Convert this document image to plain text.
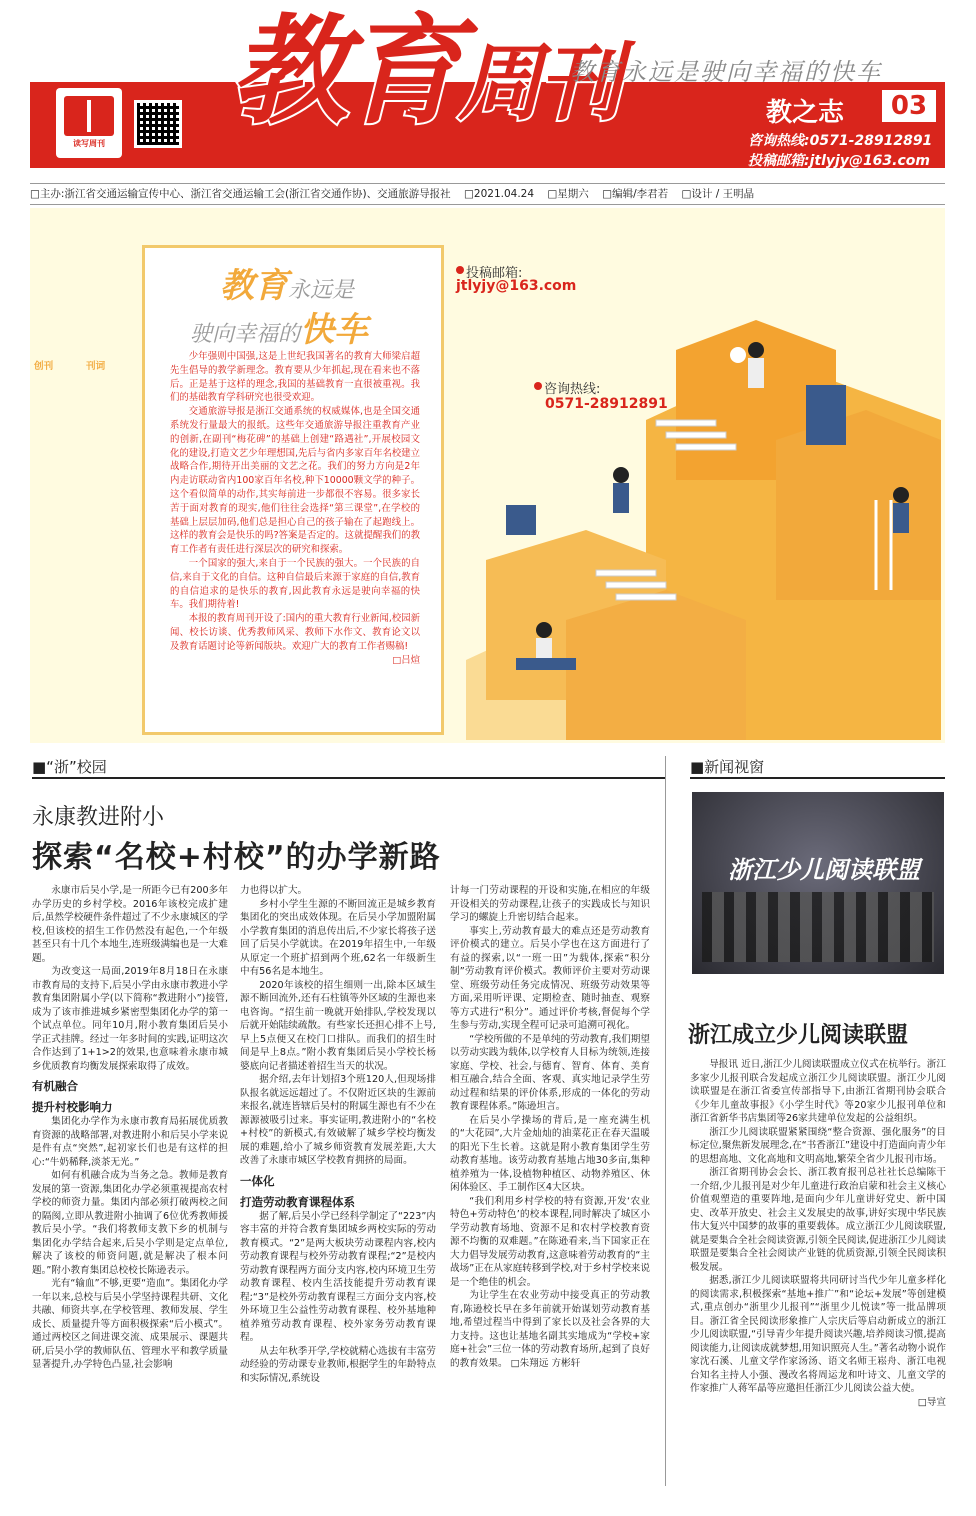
读写周刊
教育周刊
教育永远是驶向幸福的快车
教之志	03
咨询热线:0571-28912891
投稿邮箱:jtlyjy@163.com
□主办:浙江省交通运输宣传中心、浙江省交通运输工会(浙江省交通作协)、交通旅游导报社 □2021.04.24 □星期六 □编辑/李君若 □设计 / 王明晶
创刊	刊词
教育永远是
驶向幸福的快车

少年强则中国强,这是上世纪我国著名的教育大师梁启超先生倡导的教学新理念。教育要从少年抓起,现在看来也不落后。正是基于这样的理念,我国的基础教育一直很被重视。我们的基础教育学科研究也很受欢迎。

交通旅游导报是浙江交通系统的权威媒体,也是全国交通系统发行量最大的报纸。这些年交通旅游导报注重教育产业的创新,在副刊“梅花碑”的基础上创建“路遇社”,开展校园文化的建设,打造文艺少年理想国,先后与省内多家百年名校建立战略合作,期待开出美丽的文艺之花。我们的努力方向是2年内走访联动省内100家百年名校,种下10000颗文学的种子。这个看似简单的动作,其实每前进一步都很不容易。很多家长苦于面对教育的现实,他们往往会选择“第三课堂”,在学校的基础上层层加码,他们总是担心自己的孩子输在了起跑线上。这样的教育会是快乐的吗?答案是否定的。这就提醒我们的教育工作者有责任进行深层次的研究和探索。

一个国家的强大,来自于一个民族的强大。一个民族的自信,来自于文化的自信。这种自信最后来源于家庭的自信,教育的自信追求的是快乐的教育,因此教育永远是驶向幸福的快车。我们期待着!

本报的教育周刊开设了:国内的重大教育行业新闻,校园新闻、校长访谈、优秀教师风采、教师下水作文、教育论文以及教育话题讨论等新闻版块。欢迎广大的教育工作者赐稿!

□吕煊
投稿邮箱:
jtlyjy@163.com
咨询热线:
0571-28912891
■“浙”校园	■新闻视窗
永康教进附小
探索“名校+村校”的办学新路

永康市后吴小学,是一所距今已有200多年办学历史的乡村学校。2016年该校完成扩建后,虽然学校硬件条件超过了不少永康城区的学校,但该校的招生工作仍然没有起色,一个年级甚至只有十几个本地生,连班级满编也是一大难题。

为改变这一局面,2019年8月18日在永康市教育局的支持下,后吴小学由永康市教进小学教育集团附属小学(以下简称“教进附小”)接管,成为了该市推进城乡紧密型集团化办学的第一个试点单位。同年10月,附小教育集团后吴小学正式挂牌。经过一年多时间的实践,证明这次合作达到了1+1>2的效果,也意味着永康市城乡优质教育均衡发展探索取得了成效。

有机融合
提升村校影响力

集团化办学作为永康市教育局拓展优质教育资源的战略部署,对教进附小和后吴小学来说是件有点“突然”,起初家长们也是有这样的担心:“牛奶稀释,淡茶无光。”

如何有机融合成为当务之急。教师是教育发展的第一资源,集团化办学必须重视提高农村学校的师资力量。集团内部必须打破两校之间的隔阂,立即从教进附小抽调了6位优秀教师援教后吴小学。“我们将教师支教下乡的机制与集团化办学结合起来,后吴小学则是定点单位,解决了该校的师资问题,就是解决了根本问题。”附小教育集团总校校长陈逊表示。

光有“输血”不够,更要“造血”。集团化办学一年以来,总校与后吴小学坚持课程共研、文化共融、师资共享,在学校管理、教师发展、学生成长、质量提升等方面积极探索“后小模式”。通过两校区之间进课交流、成果展示、课题共研,后吴小学的教师队伍、管理水平和教学质量显著提升,办学特色凸显,社会影响

力也得以扩大。

乡村小学生生源的不断回流正是城乡教育集团化的突出成效体现。在后吴小学加盟附属小学教育集团的消息传出后,不少家长将孩子送回了后吴小学就读。在2019年招生中,一年级从原定一个班扩招到两个班,62名一年级新生中有56名是本地生。

2020年该校的招生细则一出,除本区域生源不断回流外,还有石柱镇等外区域的生源也来电咨询。“招生前一晚就开始排队,学校发现以后就开始陆续疏散。有些家长还担心排不上号,早上5点便又在校门口排队。而我们的招生时间是早上8点。”附小教育集团后吴小学校长杨婆底向记者描述着招生当天的状况。

据介绍,去年计划招3个班120人,但现场排队报名就远远超过了。不仅附近区块的生源前来报名,就连皆辖后吴村的附属生源也有不少在源源被吸引过来。事实证明,教进附小的“名校+村校”的新模式,有效破解了城乡学校均衡发展的难题,给小了城乡师资教育发展差距,大大改善了永康市城区学校教育拥挤的局面。

一体化
打造劳动教育课程体系

据了解,后吴小学已经科学制定了“223”内容丰富的并符合教育集团城乡两校实际的劳动教育模式。“2”是两大板块劳动课程内容,校内劳动教育课程与校外劳动教育课程;“2”是校内劳动教育课程两方面分支内容,校内环境卫生劳动教育课程、校内生活技能提升劳动教育课程;“3”是校外劳动教育课程三方面分支内容,校外环境卫生公益性劳动教育课程、校外基地种植养殖劳动教育课程、校外家务劳动教育课程。

从去年秋季开学,学校就精心选拔有丰富劳动经验的劳动课专业教师,根据学生的年龄特点和实际情况,系统设

计每一门劳动课程的开设和实施,在相应的年级开设相关的劳动课程,让孩子的实践成长与知识学习的螺旋上升密切结合起来。

事实上,劳动教育最大的难点还是劳动教育评价模式的建立。后吴小学也在这方面进行了有益的探索,以“一班一田”为载体,探索“积分制”劳动教育评价模式。教师评价主要对劳动课堂、班级劳动任务完成情况、班级劳动效果等方面,采用听评课、定期检查、随时抽查、观察等方式进行“积分”。通过评价考核,督促每个学生参与劳动,实现全程可记录可追溯可视化。

“学校所做的不是单纯的劳动教育,我们期望以劳动实践为载体,以学校育人目标为统领,连接家庭、学校、社会,与德育、智育、体育、美育相互融合,结合全面、客观、真实地记录学生劳动过程和结果的评价体系,形成的一体化的劳动教育课程体系。”陈逊坦言。

在后吴小学操场的背后,是一座充满生机的“大花园”,大片金灿灿的油菜花正在春天温暖的阳光下生长着。这就是附小教育集团学生劳动教育基地。该劳动教育基地占地30多亩,集种植养殖为一体,设植物种植区、动物养殖区、休闲体验区、手工制作区4大区块。

“我们利用乡村学校的特有资源,开发‘农业特色+劳动特色’的校本课程,同时解决了城区小学劳动教育场地、资源不足和农村学校教育资源不均衡的双难题。”在陈逊看来,当下国家正在大力倡导发展劳动教育,这意味着劳动教育的“主战场”正在从家庭转移到学校,对于乡村学校来说是一个绝佳的机会。

为让学生在农业劳动中接受真正的劳动教育,陈逊校长早在多年前就开始谋划劳动教育基地,希望过程当中得到了家长以及社会各界的大力支持。这也让基地名副其实地成为“学校+家庭+社会”三位一体的劳动教育场所,起到了良好的教育效果。 □朱翔远 方彬轩

浙江少儿阅读联盟
浙江成立少儿阅读联盟

导报讯 近日,浙江少儿阅读联盟成立仪式在杭举行。浙江多家少儿报刊联合发起成立浙江少儿阅读联盟。浙江少儿阅读联盟是在浙江省委宣传部指导下,由浙江省期刊协会联合《少年儿童故事报》《小学生时代》等20家少儿报刊单位和浙江省新华书店集团等26家共建单位发起的公益组织。

浙江少儿阅读联盟紧紧围绕“整合资源、强化服务”的目标定位,聚焦新发展理念,在“书香浙江”建设中打造面向青少年的思想高地、文化高地和文明高地,繁荣全省少儿报刊市场。

浙江省期刊协会会长、浙江教育报刊总社社长总编陈干一介绍,少儿报刊是对少年儿童进行政治启蒙和社会主义核心价值观塑造的重要阵地,是面向少年儿童讲好党史、新中国史、改革开放史、社会主义发展史的故事,讲好实现中华民族伟大复兴中国梦的故事的重要载体。成立浙江少儿阅读联盟,就是要集合全社会阅读资源,引领全民阅读,促进浙江少儿阅读联盟是要集合全社会阅读产业链的优质资源,引领全民阅读积极发展。

据悉,浙江少儿阅读联盟将共同研讨当代少年儿童多样化的阅读需求,积极探索“基地+推广”和“论坛+发展”等创建模式,重点创办“浙里少儿报刊”“浙里少儿悦读”等一批品牌项目。浙江省全民阅读形象推广人宗庆后等启动新成立的浙江少儿阅读联盟,“引导青少年提升阅读兴趣,培养阅读习惯,提高阅读能力,让阅读成就梦想,用知识照亮人生。”著名动物小说作家沈石溪、儿童文学作家汤汤、语文名师王崧舟、浙江电视台知名主持人小强、漫改名将周运龙和叶诗文、儿童文学的作家推广人蒋军晶等应邀担任浙江少儿阅读公益大使。

□导宣
